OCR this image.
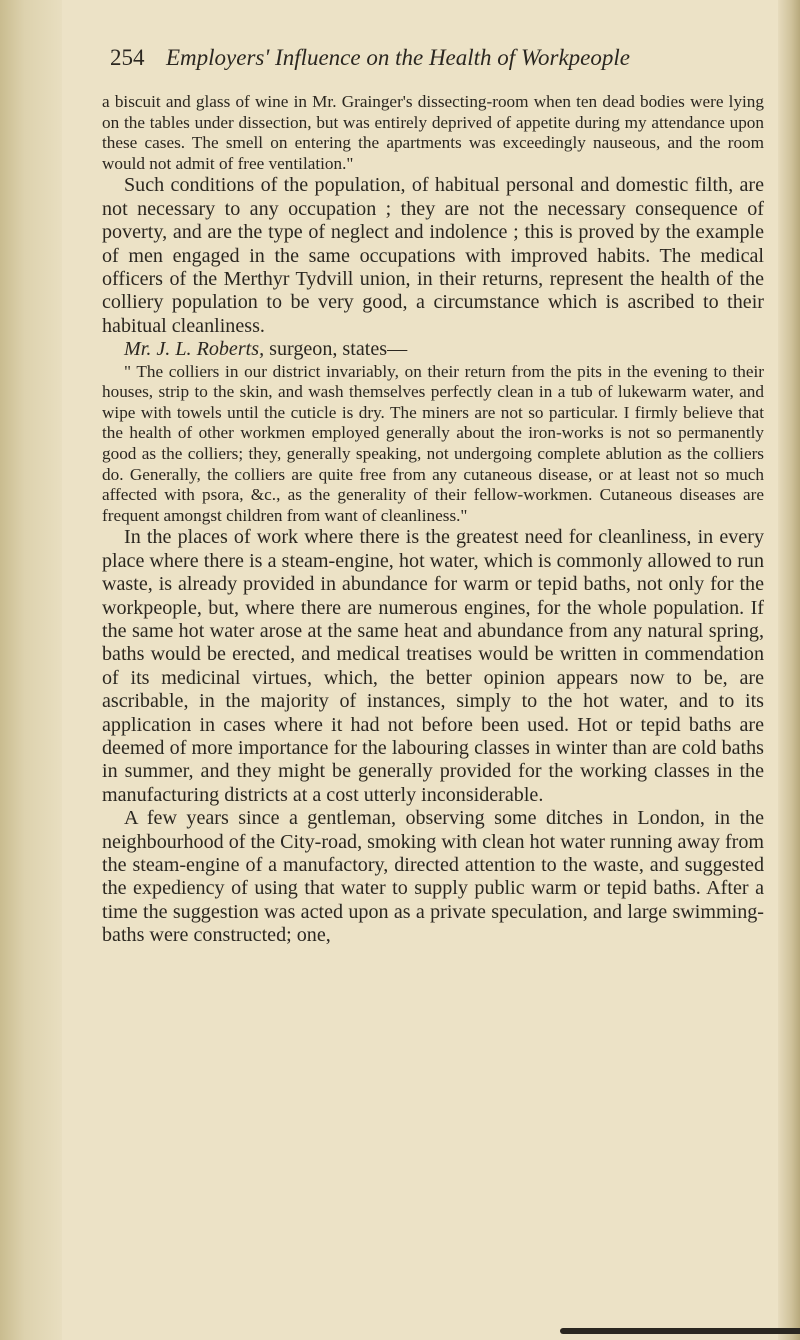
254 Employers' Influence on the Health of Workpeople

a biscuit and glass of wine in Mr. Grainger's dissecting-room when ten dead bodies were lying on the tables under dissection, but was entirely deprived of appetite during my attendance upon these cases. The smell on entering the apartments was exceedingly nauseous, and the room would not admit of free ventilation."

Such conditions of the population, of habitual personal and domestic filth, are not necessary to any occupation ; they are not the necessary consequence of poverty, and are the type of neglect and indolence ; this is proved by the example of men engaged in the same occupations with improved habits. The medical officers of the Merthyr Tydvill union, in their returns, represent the health of the colliery population to be very good, a circumstance which is ascribed to their habitual cleanliness.

Mr. J. L. Roberts, surgeon, states—

" The colliers in our district invariably, on their return from the pits in the evening to their houses, strip to the skin, and wash themselves perfectly clean in a tub of lukewarm water, and wipe with towels until the cuticle is dry. The miners are not so particular. I firmly believe that the health of other workmen employed generally about the iron-works is not so permanently good as the colliers; they, generally speaking, not undergoing complete ablution as the colliers do. Generally, the colliers are quite free from any cutaneous disease, or at least not so much affected with psora, &c., as the generality of their fellow-workmen. Cutaneous diseases are frequent amongst children from want of cleanliness."

In the places of work where there is the greatest need for cleanliness, in every place where there is a steam-engine, hot water, which is commonly allowed to run waste, is already provided in abundance for warm or tepid baths, not only for the workpeople, but, where there are numerous engines, for the whole population. If the same hot water arose at the same heat and abundance from any natural spring, baths would be erected, and medical treatises would be written in commendation of its medicinal virtues, which, the better opinion appears now to be, are ascribable, in the majority of instances, simply to the hot water, and to its application in cases where it had not before been used. Hot or tepid baths are deemed of more importance for the labouring classes in winter than are cold baths in summer, and they might be generally provided for the working classes in the manufacturing districts at a cost utterly inconsiderable.

A few years since a gentleman, observing some ditches in London, in the neighbourhood of the City-road, smoking with clean hot water running away from the steam-engine of a manufactory, directed attention to the waste, and suggested the expediency of using that water to supply public warm or tepid baths. After a time the suggestion was acted upon as a private speculation, and large swimming-baths were constructed; one,
